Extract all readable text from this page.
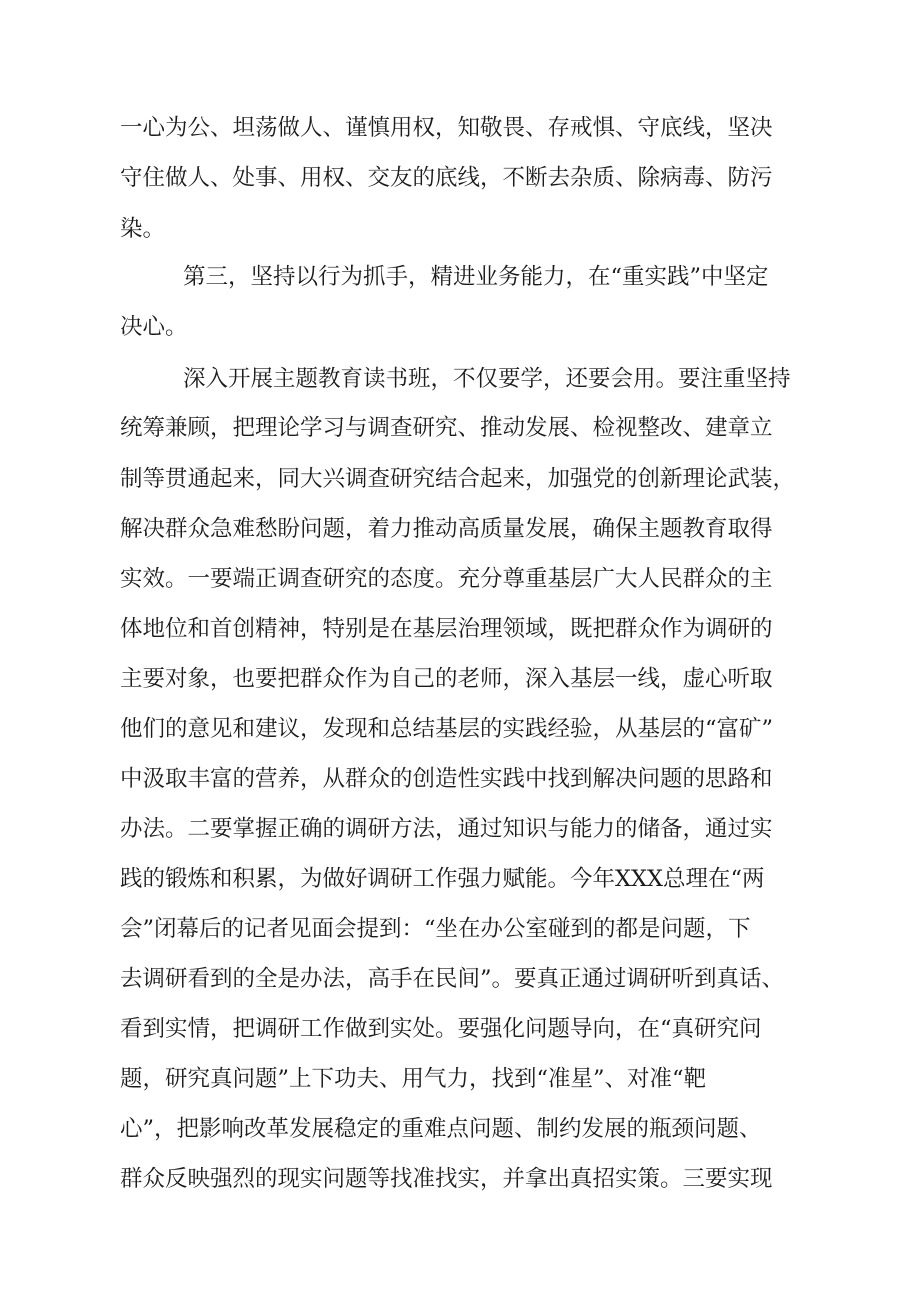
一心为公、坦荡做人、谨慎用权，知敬畏、存戒惧、守底线，坚决
守住做人、处事、用权、交友的底线，不断去杂质、除病毒、防污
染。
第三，坚持以行为抓手，精进业务能力，在“重实践”中坚定
决心。
深入开展主题教育读书班，不仅要学，还要会用。要注重坚持
统筹兼顾，把理论学习与调查研究、推动发展、检视整改、建章立
制等贯通起来，同大兴调查研究结合起来，加强党的创新理论武装，
解决群众急难愁盼问题，着力推动高质量发展，确保主题教育取得
实效。一要端正调查研究的态度。充分尊重基层广大人民群众的主
体地位和首创精神，特别是在基层治理领域，既把群众作为调研的
主要对象，也要把群众作为自己的老师，深入基层一线，虚心听取
他们的意见和建议，发现和总结基层的实践经验，从基层的“富矿”
中汲取丰富的营养，从群众的创造性实践中找到解决问题的思路和
办法。二要掌握正确的调研方法，通过知识与能力的储备，通过实
践的锻炼和积累，为做好调研工作强力赋能。今年XXX总理在“两
会”闭幕后的记者见面会提到：“坐在办公室碰到的都是问题，下
去调研看到的全是办法，高手在民间”。要真正通过调研听到真话、
看到实情，把调研工作做到实处。要强化问题导向，在“真研究问
题，研究真问题”上下功夫、用气力，找到“准星”、对准“靶
心”，把影响改革发展稳定的重难点问题、制约发展的瓶颈问题、
群众反映强烈的现实问题等找准找实，并拿出真招实策。三要实现
